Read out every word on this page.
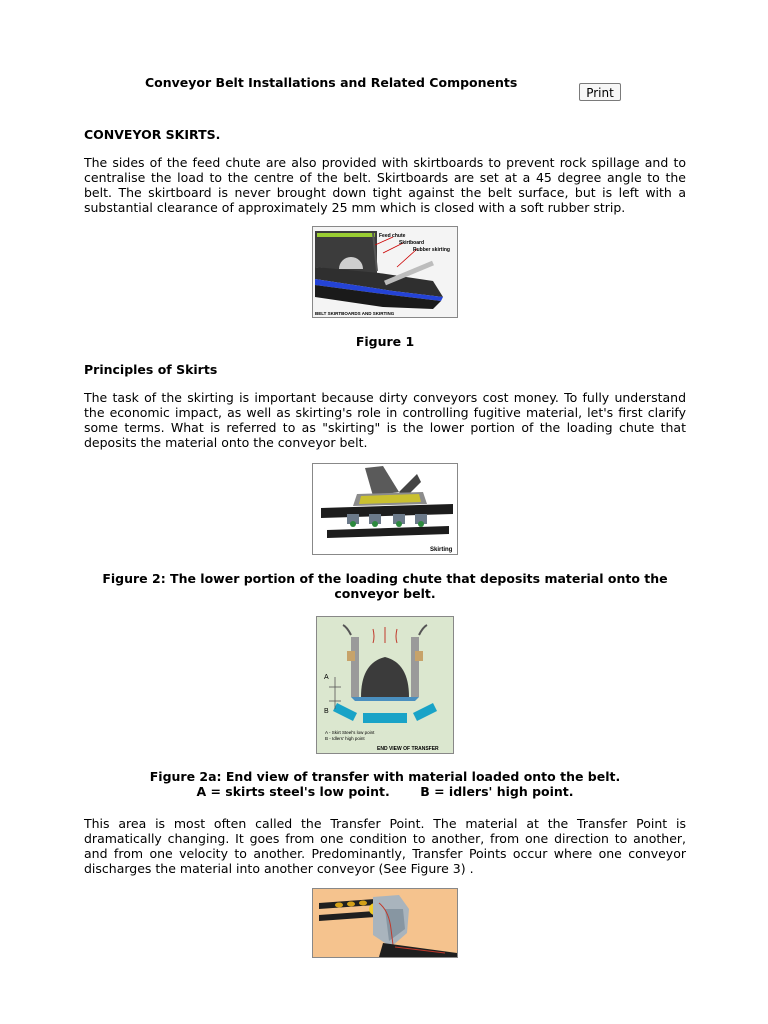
Conveyor Belt Installations and Related Components
Print
CONVEYOR SKIRTS.
The sides of the feed chute are also provided with skirtboards to prevent rock spillage and to centralise the load to the centre of the belt. Skirtboards are set at a 45 degree angle to the belt. The skirtboard is never brought down tight against the belt surface, but is left with a substantial clearance of approximately 25 mm which is closed with a soft rubber strip.
Feed chute
Skirtboard
Rubber skirting
BELT SKIRTBOARDS AND SKIRTING
Figure 1
Principles of Skirts
The task of the skirting is important because dirty conveyors cost money. To fully understand the economic impact, as well as skirting's role in controlling fugitive material, let's first clarify some terms. What is referred to as "skirting" is the lower portion of the loading chute that deposits the material onto the conveyor belt.
Skirting
Figure 2: The lower portion of the loading chute that deposits material onto the
conveyor belt.
A
B
A - Skirt Steel's low point
B - Idlers' high point
END VIEW OF TRANSFER
Figure 2a: End view of transfer with material loaded onto the belt.
A = skirts steel's low point.       B = idlers' high point.
This area is most often called the Transfer Point. The material at the Transfer Point is dramatically changing. It goes from one condition to another, from one direction to another, and from one velocity to another. Predominantly, Transfer Points occur where one conveyor discharges the material into another conveyor (See Figure 3) .
